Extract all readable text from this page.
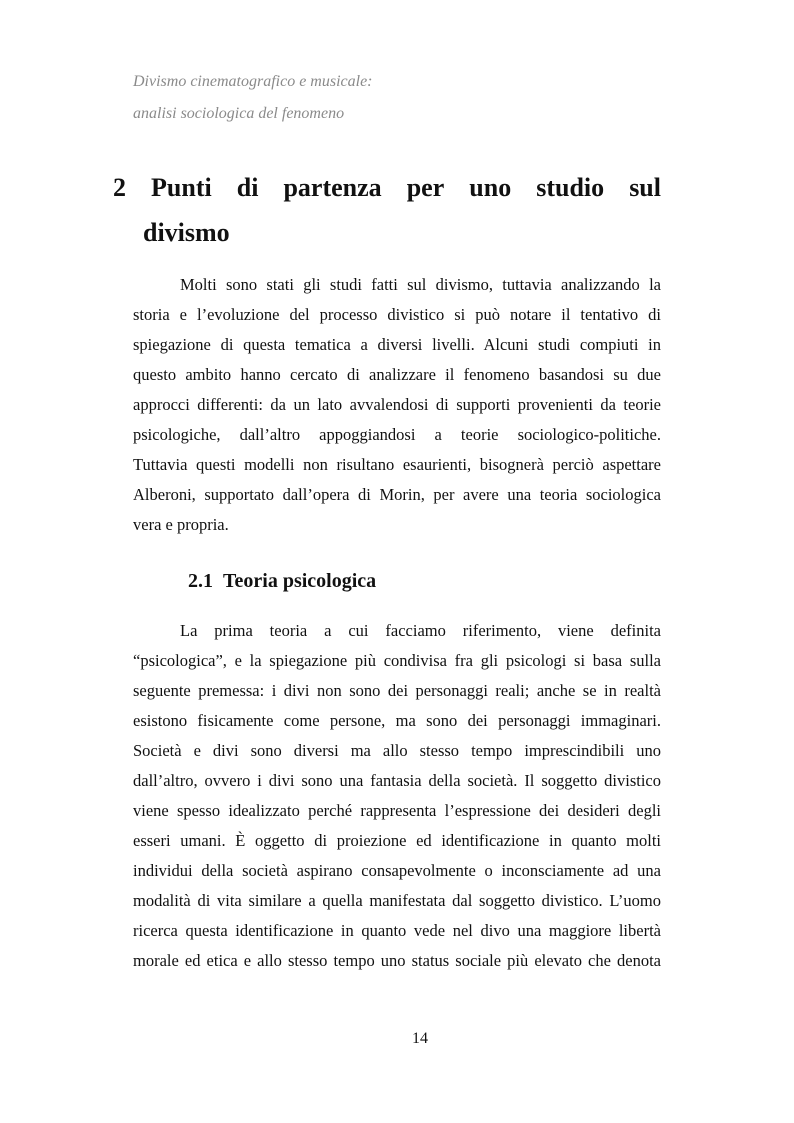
Divismo cinematografico e musicale:
analisi sociologica del fenomeno
2 Punti di partenza per uno studio sul
divismo

Molti sono stati gli studi fatti sul divismo, tuttavia analizzando la
storia e l’evoluzione del processo divistico si può notare il tentativo di
spiegazione di questa tematica a diversi livelli. Alcuni studi compiuti in
questo ambito hanno cercato di analizzare il fenomeno basandosi su due
approcci differenti: da un lato avvalendosi di supporti provenienti da teorie
psicologiche, dall’altro appoggiandosi a teorie sociologico-politiche.
Tuttavia questi modelli non risultano esaurienti, bisognerà perciò aspettare
Alberoni, supportato dall’opera di Morin, per avere una teoria sociologica
vera e propria.

2.1 Teoria psicologica

La prima teoria a cui facciamo riferimento, viene definita
“psicologica”, e la spiegazione più condivisa fra gli psicologi si basa sulla
seguente premessa: i divi non sono dei personaggi reali; anche se in realtà
esistono fisicamente come persone, ma sono dei personaggi immaginari.
Società e divi sono diversi ma allo stesso tempo imprescindibili uno
dall’altro, ovvero i divi sono una fantasia della società. Il soggetto divistico
viene spesso idealizzato perché rappresenta l’espressione dei desideri degli
esseri umani. È oggetto di proiezione ed identificazione in quanto molti
individui della società aspirano consapevolmente o inconsciamente ad una
modalità di vita similare a quella manifestata dal soggetto divistico. L’uomo
ricerca questa identificazione in quanto vede nel divo una maggiore libertà
morale ed etica e allo stesso tempo uno status sociale più elevato che denota

14
